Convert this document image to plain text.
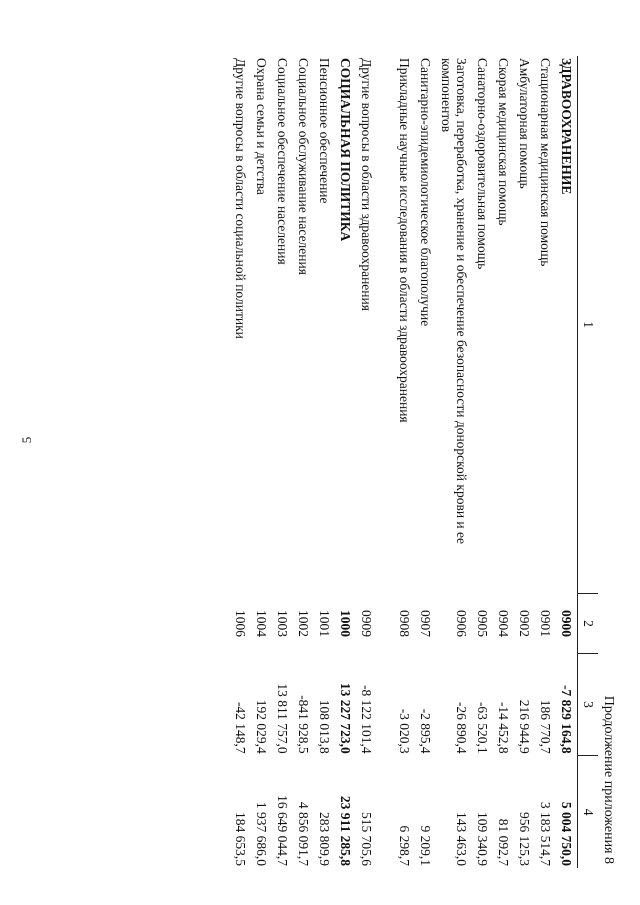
5
Продолжение приложения 8
1	2	3	4
ЗДРАВООХРАНЕНИЕ	0900	-7 829 164,8	5 004 750,0
Стационарная медицинская помощь	0901	186 770,7	3 183 514,7
Амбулаторная помощь	0902	216 944,9	956 125,3
Скорая медицинская помощь	0904	-14 452,8	81 092,7
Санаторно-оздоровительная помощь	0905	-63 520,1	109 340,9
Заготовка, переработка, хранение и обеспечение безопасности донорской крови и ее компонентов	0906	-26 890,4	143 463,0
Санитарно-эпидемиологическое благополучие	0907	-2 895,4	9 209,1
Прикладные научные исследования в области здравоохранения	0908	-3 020,3	6 298,7
Другие вопросы в области здравоохранения	0909	-8 122 101,4	515 705,6
СОЦИАЛЬНАЯ ПОЛИТИКА	1000	13 227 723,0	23 911 285,8
Пенсионное обеспечение	1001	108 013,8	283 809,9
Социальное обслуживание населения	1002	-841 928,5	4 856 091,7
Социальное обеспечение населения	1003	13 811 757,0	16 649 044,7
Охрана семьи и детства	1004	192 029,4	1 937 686,0
Другие вопросы в области социальной политики	1006	-42 148,7	184 653,5
